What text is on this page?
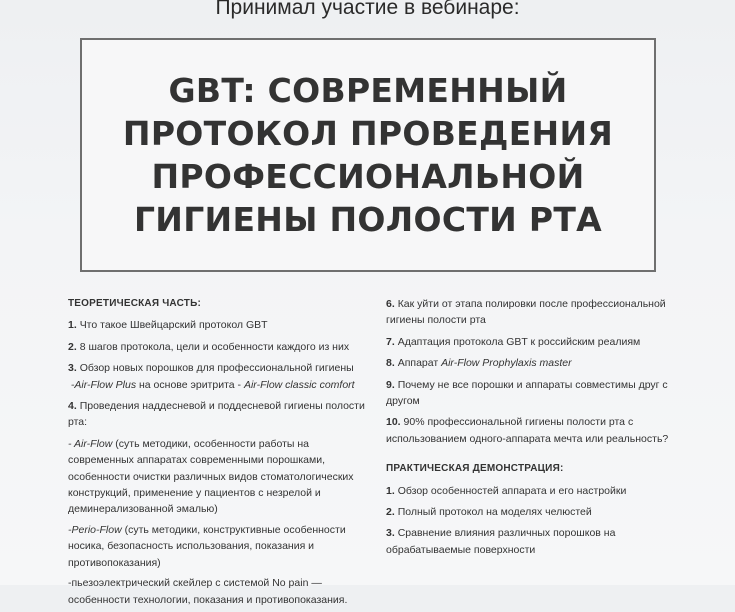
Принимал участие в вебинаре:
GBT: СОВРЕМЕННЫЙ
ПРОТОКОЛ ПРОВЕДЕНИЯ
ПРОФЕССИОНАЛЬНОЙ
ГИГИЕНЫ ПОЛОСТИ РТА
ТЕОРЕТИЧЕСКАЯ ЧАСТЬ:
1. Что такое Швейцарский протокол GBT
2. 8 шагов протокола, цели и особенности каждого из них
3. Обзор новых порошков для профессиональной гигиены
-Air-Flow Plus на основе эритрита - Air-Flow classic comfort
4. Проведения наддесневой и поддесневой гигиены полости рта:
- Air-Flow (суть методики, особенности работы на современных аппаратах современными порошками, особенности очистки различных видов стоматологических конструкций, применение у пациентов с незрелой и деминерализованной эмалью)
-Perio-Flow (суть методики, конструктивные особенности носика, безопасность использования, показания и противопоказания)
-пьезоэлектрический скейлер с системой No pain — особенности технологии, показания и противопоказания.
6. Как уйти от этапа полировки после профессиональной гигиены полости рта
7. Адаптация протокола GBT к российским реалиям
8. Аппарат Air-Flow Prophylaxis master
9. Почему не все порошки и аппараты совместимы друг с другом
10. 90% профессиональной гигиены полости рта с использованием одного-аппарата мечта или реальность?
ПРАКТИЧЕСКАЯ ДЕМОНСТРАЦИЯ:
1. Обзор особенностей аппарата и его настройки
2. Полный протокол на моделях челюстей
3. Сравнение влияния различных порошков на обрабатываемые поверхности
